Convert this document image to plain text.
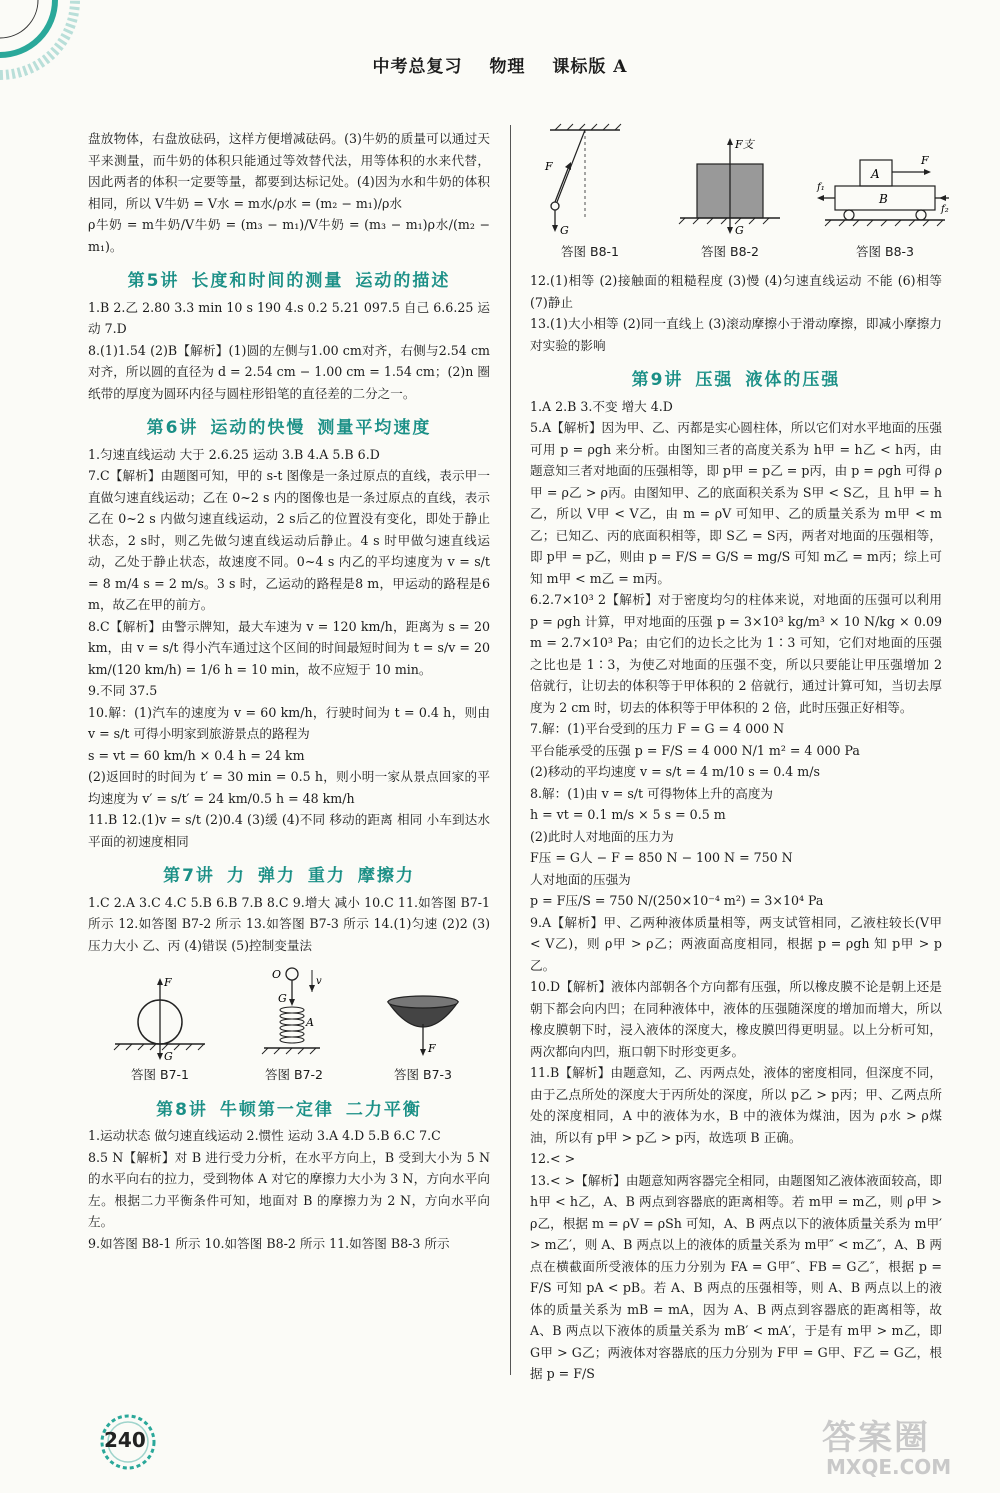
中考总复习 物理 课标版 A

盘放物体，右盘放砝码，这样方便增减砝码。(3)牛奶的质量可以通过天平来测量，而牛奶的体积只能通过等效替代法，用等体积的水来代替，因此两者的体积一定要等量，都要到达标记处。(4)因为水和牛奶的体积相同，所以 V牛奶 = V水 = m水/ρ水 = (m₂ − m₁)/ρ水

ρ牛奶 = m牛奶/V牛奶 = (m₃ − m₁)/V牛奶 = (m₃ − m₁)ρ水/(m₂ − m₁)。

第5讲 长度和时间的测量 运动的描述

1.B 2.乙 2.80 3.3 min 10 s 190 4.s 0.2 5.21 097.5 自己 6.6.25 运动 7.D

8.(1)1.54 (2)B【解析】(1)圆的左侧与1.00 cm对齐，右侧与2.54 cm对齐，所以圆的直径为 d = 2.54 cm − 1.00 cm = 1.54 cm；(2)n 圈纸带的厚度为圆环内径与圆柱形铅笔的直径差的二分之一。

第6讲 运动的快慢 测量平均速度

1.匀速直线运动 大于 2.6.25 运动 3.B 4.A 5.B 6.D

7.C【解析】由题图可知，甲的 s-t 图像是一条过原点的直线，表示甲一直做匀速直线运动；乙在 0~2 s 内的图像也是一条过原点的直线，表示乙在 0~2 s 内做匀速直线运动，2 s后乙的位置没有变化，即处于静止状态，2 s时，则乙先做匀速直线运动后静止。4 s 时甲做匀速直线运动，乙处于静止状态，故速度不同。0~4 s 内乙的平均速度为 v = s/t = 8 m/4 s = 2 m/s。3 s 时，乙运动的路程是8 m，甲运动的路程是6 m，故乙在甲的前方。

8.C【解析】由警示牌知，最大车速为 v = 120 km/h，距离为 s = 20 km，由 v = s/t 得小汽车通过这个区间的时间最短时间为 t = s/v = 20 km/(120 km/h) = 1/6 h = 10 min，故不应短于 10 min。

9.不同 37.5

10.解：(1)汽车的速度为 v = 60 km/h，行驶时间为 t = 0.4 h，则由 v = s/t 可得小明家到旅游景点的路程为

s = vt = 60 km/h × 0.4 h = 24 km

(2)返回时的时间为 t′ = 30 min = 0.5 h，则小明一家从景点回家的平均速度为 v′ = s/t′ = 24 km/0.5 h = 48 km/h

11.B 12.(1)v = s/t (2)0.4 (3)缓 (4)不同 移动的距离 相同 小车到达水平面的初速度相同

第7讲 力 弹力 重力 摩擦力

1.C 2.A 3.C 4.C 5.B 6.B 7.B 8.C 9.增大 减小 10.C 11.如答图 B7-1 所示 12.如答图 B7-2 所示 13.如答图 B7-3 所示 14.(1)匀速 (2)2 (3)压力大小 乙、丙 (4)错误 (5)控制变量法

F
G
答图 B7-1
O
v
G
A
答图 B7-2
F
答图 B7-3
第8讲 牛顿第一定律 二力平衡

1.运动状态 做匀速直线运动 2.惯性 运动 3.A 4.D 5.B 6.C 7.C

8.5 N【解析】对 B 进行受力分析，在水平方向上，B 受到大小为 5 N 的水平向右的拉力，受到物体 A 对它的摩擦力大小为 3 N，方向水平向左。根据二力平衡条件可知，地面对 B 的摩擦力为 2 N，方向水平向左。

9.如答图 B8-1 所示 10.如答图 B8-2 所示 11.如答图 B8-3 所示

F
G
答图 B8-1
F支
G
答图 B8-2
A
F
B
f₁
f₂
答图 B8-3

12.(1)相等 (2)接触面的粗糙程度 (3)慢 (4)匀速直线运动 不能 (6)相等 (7)静止

13.(1)大小相等 (2)同一直线上 (3)滚动摩擦小于滑动摩擦，即减小摩擦力对实验的影响

第9讲 压强 液体的压强

1.A 2.B 3.不变 增大 4.D

5.A【解析】因为甲、乙、丙都是实心圆柱体，所以它们对水平地面的压强可用 p = ρgh 来分析。由图知三者的高度关系为 h甲 = h乙 < h丙，由题意知三者对地面的压强相等，即 p甲 = p乙 = p丙，由 p = ρgh 可得 ρ甲 = ρ乙 > ρ丙。由图知甲、乙的底面积关系为 S甲 < S乙，且 h甲 = h乙，所以 V甲 < V乙，由 m = ρV 可知甲、乙的质量关系为 m甲 < m乙；已知乙、丙的底面积相等，即 S乙 = S丙，两者对地面的压强相等，即 p甲 = p乙，则由 p = F/S = G/S = mg/S 可知 m乙 = m丙；综上可知 m甲 < m乙 = m丙。

6.2.7×10³ 2【解析】对于密度均匀的柱体来说，对地面的压强可以利用 p = ρgh 计算，甲对地面的压强 p = 3×10³ kg/m³ × 10 N/kg × 0.09 m = 2.7×10³ Pa；由它们的边长之比为 1∶3 可知，它们对地面的压强之比也是 1∶3，为使乙对地面的压强不变，所以只要能让甲压强增加 2 倍就行，让切去的体积等于甲体积的 2 倍就行，通过计算可知，当切去厚度为 2 cm 时，切去的体积等于甲体积的 2 倍，此时压强正好相等。

7.解：(1)平台受到的压力 F = G = 4 000 N

平台能承受的压强 p = F/S = 4 000 N/1 m² = 4 000 Pa

(2)移动的平均速度 v = s/t = 4 m/10 s = 0.4 m/s

8.解：(1)由 v = s/t 可得物体上升的高度为

h = vt = 0.1 m/s × 5 s = 0.5 m

(2)此时人对地面的压力为

F压 = G人 − F = 850 N − 100 N = 750 N

人对地面的压强为

p = F压/S = 750 N/(250×10⁻⁴ m²) = 3×10⁴ Pa

9.A【解析】甲、乙两种液体质量相等，两支试管相同，乙液柱较长(V甲 < V乙)，则 ρ甲 > ρ乙；两液面高度相同，根据 p = ρgh 知 p甲 > p乙。

10.D【解析】液体内部朝各个方向都有压强，所以橡皮膜不论是朝上还是朝下都会向内凹；在同种液体中，液体的压强随深度的增加而增大，所以橡皮膜朝下时，浸入液体的深度大，橡皮膜凹得更明显。以上分析可知，两次都向内凹，瓶口朝下时形变更多。

11.B【解析】由题意知，乙、丙两点处，液体的密度相同，但深度不同，由于乙点所处的深度大于丙所处的深度，所以 p乙 > p丙；甲、乙两点所处的深度相同，A 中的液体为水，B 中的液体为煤油，因为 ρ水 > ρ煤油，所以有 p甲 > p乙 > p丙，故选项 B 正确。

12.< >

13.< >【解析】由题意知两容器完全相同，由题图知乙液体液面较高，即 h甲 < h乙，A、B 两点到容器底的距离相等。若 m甲 = m乙，则 ρ甲 > ρ乙，根据 m = ρV = ρSh 可知，A、B 两点以下的液体质量关系为 m甲′ > m乙′，则 A、B 两点以上的液体的质量关系为 m甲″ < m乙″，A、B 两点在横截面所受液体的压力分别为 FA = G甲″、FB = G乙″，根据 p = F/S 可知 pA < pB。若 A、B 两点的压强相等，则 A、B 两点以上的液体的质量关系为 mB = mA，因为 A、B 两点到容器底的距离相等，故 A、B 两点以下液体的质量关系为 mB′ < mA′，于是有 m甲 > m乙，即 G甲 > G乙；两液体对容器底的压力分别为 F甲 = G甲、F乙 = G乙，根据 p = F/S

240	答案圈
MXQE.COM
